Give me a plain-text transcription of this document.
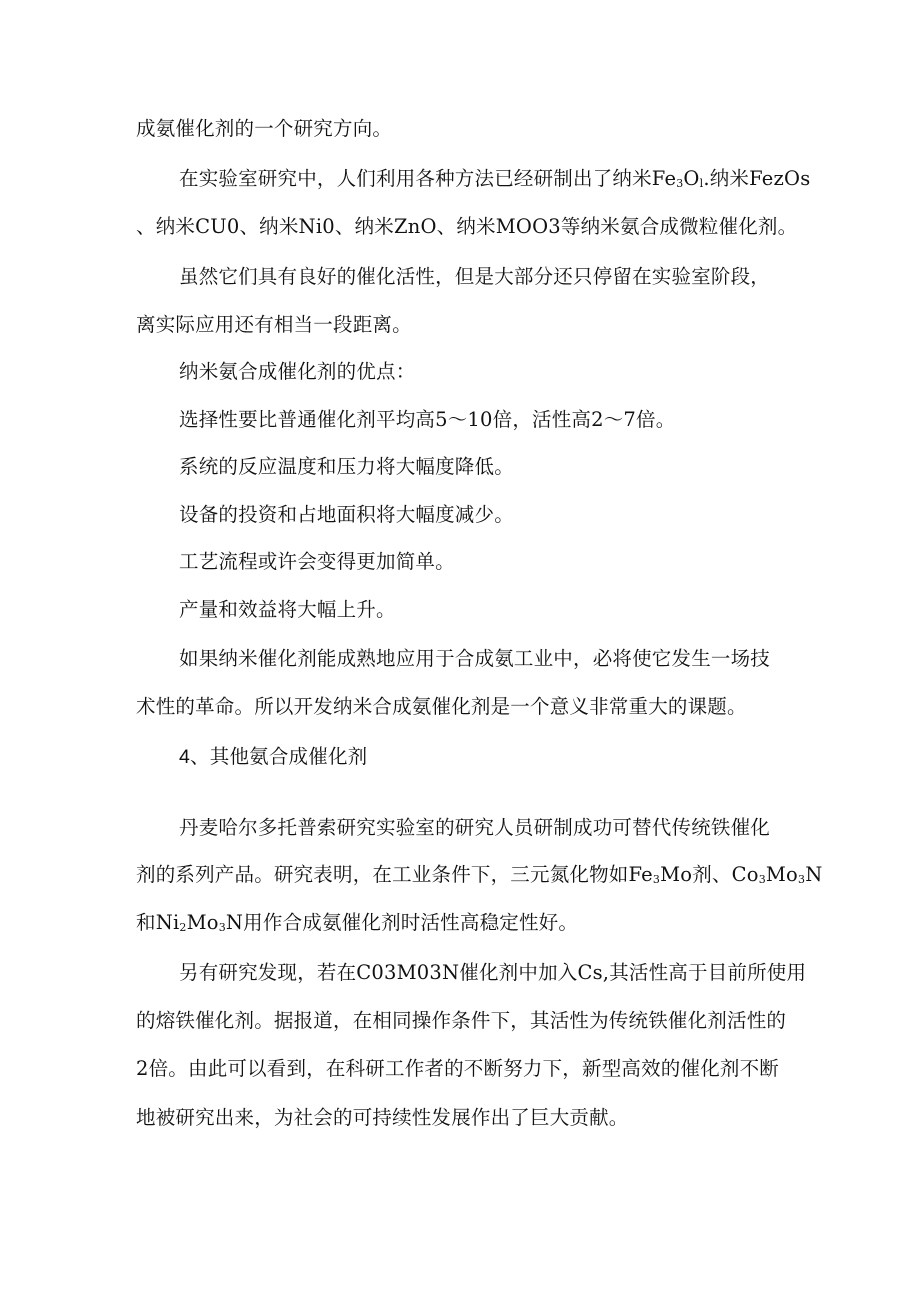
成氨催化剂的一个研究方向。
在实验室研究中，人们利用各种方法已经研制出了纳米$Fe_3O_l$.纳米FezOs
、纳米CU0、纳米Ni0、纳米ZnO、纳米MOO3等纳米氨合成微粒催化剂。
虽然它们具有良好的催化活性，但是大部分还只停留在实验室阶段，
离实际应用还有相当一段距离。
纳米氨合成催化剂的优点：
选择性要比普通催化剂平均高5～10倍，活性高2～7倍。
系统的反应温度和压力将大幅度降低。
设备的投资和占地面积将大幅度减少。
工艺流程或许会变得更加简单。
产量和效益将大幅上升。
如果纳米催化剂能成熟地应用于合成氨工业中，必将使它发生一场技
术性的革命。所以开发纳米合成氨催化剂是一个意义非常重大的课题。
4、其他氨合成催化剂
丹麦哈尔多托普索研究实验室的研究人员研制成功可替代传统铁催化
剂的系列产品。研究表明，在工业条件下，三元氮化物如$Fe_3Mo$剂、$Co_3Mo_3N$
和$Ni_2Mo_3N$用作合成氨催化剂时活性高稳定性好。
另有研究发现，若在C03M03N催化剂中加入Cs,其活性高于目前所使用
的熔铁催化剂。据报道，在相同操作条件下，其活性为传统铁催化剂活性的
2倍。由此可以看到，在科研工作者的不断努力下，新型高效的催化剂不断
地被研究出来，为社会的可持续性发展作出了巨大贡献。
